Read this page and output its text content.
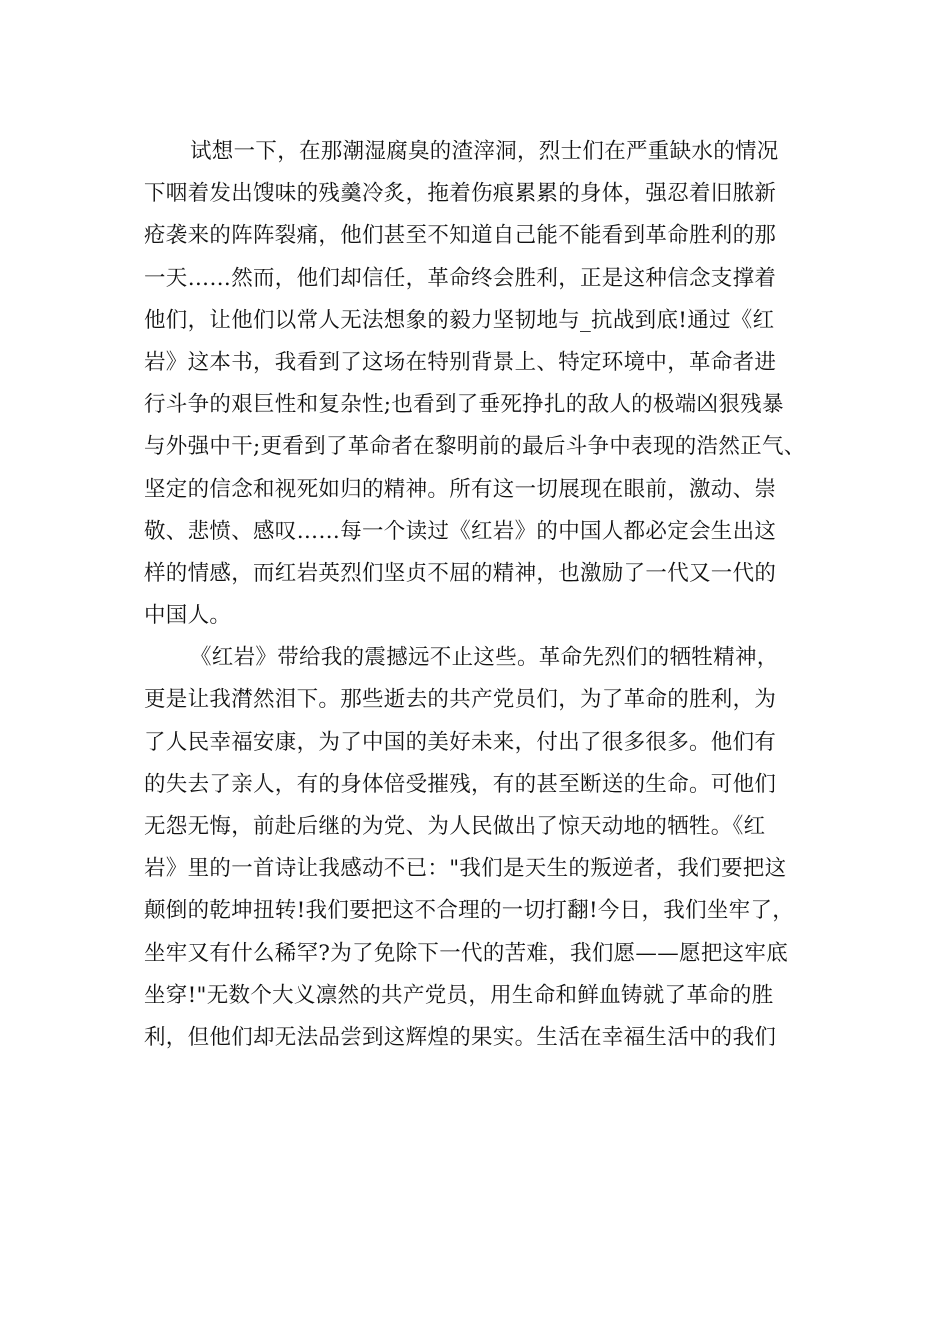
试想一下，在那潮湿腐臭的渣滓洞，烈士们在严重缺水的情况
下咽着发出馊味的残羹冷炙，拖着伤痕累累的身体，强忍着旧脓新
疮袭来的阵阵裂痛，他们甚至不知道自己能不能看到革命胜利的那
一天……然而，他们却信任，革命终会胜利，正是这种信念支撑着
他们，让他们以常人无法想象的毅力坚韧地与_抗战到底!通过《红
岩》这本书，我看到了这场在特别背景上、特定环境中，革命者进
行斗争的艰巨性和复杂性;也看到了垂死挣扎的敌人的极端凶狠残暴
与外强中干;更看到了革命者在黎明前的最后斗争中表现的浩然正气、
坚定的信念和视死如归的精神。所有这一切展现在眼前，激动、崇
敬、悲愤、感叹……每一个读过《红岩》的中国人都必定会生出这
样的情感，而红岩英烈们坚贞不屈的精神，也激励了一代又一代的
中国人。
《红岩》带给我的震撼远不止这些。革命先烈们的牺牲精神，
更是让我潸然泪下。那些逝去的共产党员们，为了革命的胜利，为
了人民幸福安康，为了中国的美好未来，付出了很多很多。他们有
的失去了亲人，有的身体倍受摧残，有的甚至断送的生命。可他们
无怨无悔，前赴后继的为党、为人民做出了惊天动地的牺牲。《红
岩》里的一首诗让我感动不已："我们是天生的叛逆者，我们要把这
颠倒的乾坤扭转!我们要把这不合理的一切打翻!今日，我们坐牢了，
坐牢又有什么稀罕?为了免除下一代的苦难，我们愿——愿把这牢底
坐穿!"无数个大义凛然的共产党员，用生命和鲜血铸就了革命的胜
利，但他们却无法品尝到这辉煌的果实。生活在幸福生活中的我们
